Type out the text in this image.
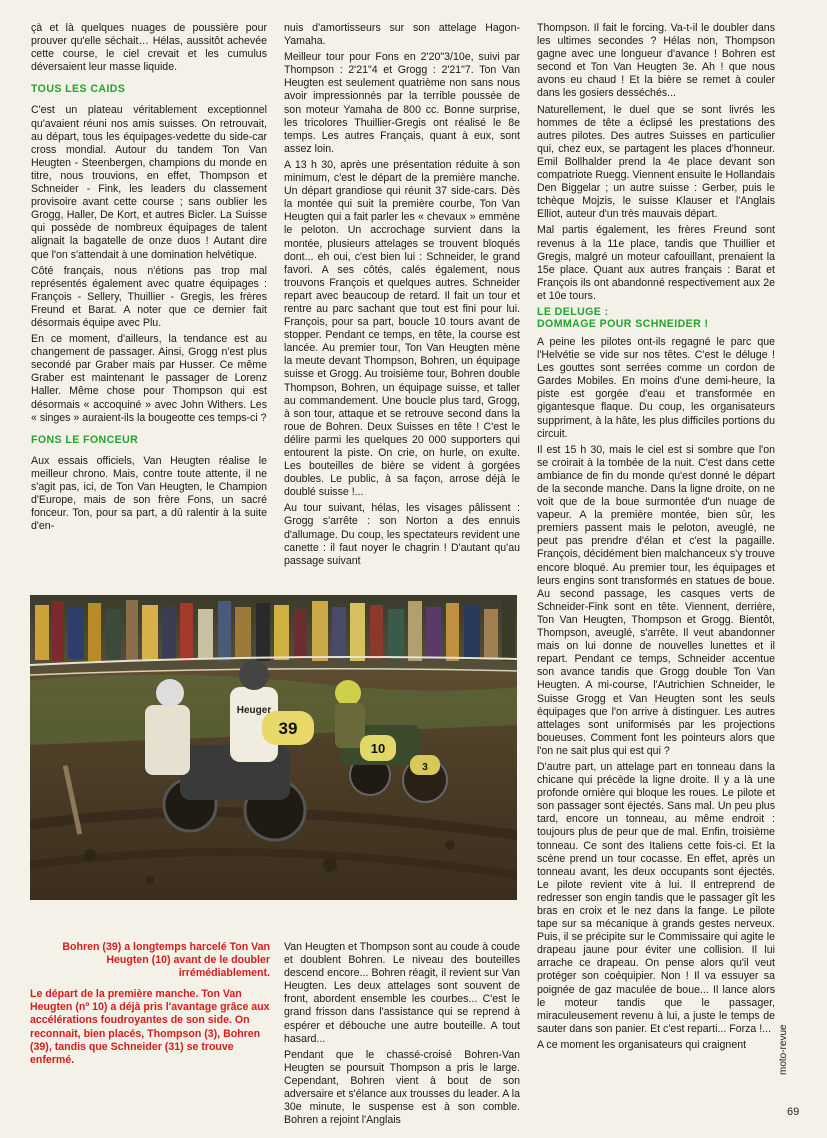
çà et là quelques nuages de poussière pour prouver qu'elle séchait… Hélas, aussitôt achevée cette course, le ciel crevait et les cumulus déversaient leur masse liquide.

TOUS LES CAIDS

C'est un plateau véritablement exceptionnel qu'avaient réuni nos amis suisses. On retrouvait, au départ, tous les équipages-vedette du side-car cross mondial. Autour du tandem Ton Van Heugten - Steenbergen, champions du monde en titre, nous trouvions, en effet, Thompson et Schneider - Fink, les leaders du classement provisoire avant cette course ; sans oublier les Grogg, Haller, De Kort, et autres Bicler. La Suisse qui possède de nombreux équipages de talent alignait la bagatelle de onze duos ! Autant dire que l'on s'attendait à une domination helvétique.

Côté français, nous n'étions pas trop mal représentés également avec quatre équipages : François - Sellery, Thuillier - Gregis, les frères Freund et Barat. A noter que ce dernier fait désormais équipe avec Plu.

En ce moment, d'ailleurs, la tendance est au changement de passager. Ainsi, Grogg n'est plus secondé par Graber mais par Husser. Ce même Graber est maintenant le passager de Lorenz Haller. Même chose pour Thompson qui est désormais « accoquiné » avec John Withers. Les « singes » auraient-ils la bougeotte ces temps-ci ?

FONS LE FONCEUR

Aux essais officiels, Van Heugten réalise le meilleur chrono. Mais, contre toute attente, il ne s'agit pas, ici, de Ton Van Heugten, le Champion d'Europe, mais de son frère Fons, un sacré fonceur. Ton, pour sa part, a dû ralentir à la suite d'en-

nuis d'amortisseurs sur son attelage Hagon-Yamaha.

Meilleur tour pour Fons en 2'20"3/10e, suivi par Thompson : 2'21"4 et Grogg : 2'21"7. Ton Van Heugten est seulement quatrième non sans nous avoir impressionnés par la terrible poussée de son moteur Yamaha de 800 cc. Bonne surprise, les tricolores Thuillier-Gregis ont réalisé le 8e temps. Les autres Français, quant à eux, sont assez loin.

A 13 h 30, après une présentation réduite à son minimum, c'est le départ de la première manche. Un départ grandiose qui réunit 37 side-cars. Dès la montée qui suit la première courbe, Ton Van Heugten qui a fait parler les « chevaux » emmène le peloton. Un accrochage survient dans la montée, plusieurs attelages se trouvent bloqués dont... eh oui, c'est bien lui : Schneider, le grand favori. A ses côtés, calés également, nous trouvons François et quelques autres. Schneider repart avec beaucoup de retard. Il fait un tour et rentre au parc sachant que tout est fini pour lui. François, pour sa part, boucle 10 tours avant de stopper. Pendant ce temps, en tête, la course est lancée. Au premier tour, Ton Van Heugten mène la meute devant Thompson, Bohren, un équipage suisse et Grogg. Au troisième tour, Bohren double Thompson, Bohren, un équipage suisse, et taller au commandement. Une boucle plus tard, Grogg, à son tour, attaque et se retrouve second dans la roue de Bohren. Deux Suisses en tête ! C'est le délire parmi les quelques 20 000 supporters qui entourent la piste. On crie, on hurle, on exulte. Les bouteilles de bière se vident à gorgées doubles. Le public, à sa façon, arrose déjà le doublé suisse !...

Au tour suivant, hélas, les visages pâlissent : Grogg s'arrête : son Norton a des ennuis d'allumage. Du coup, les spectateurs revident une canette : il faut noyer le chagrin ! D'autant qu'au passage suivant

39
Heuger
10
3

Bohren (39) a longtemps harcelé Ton Van Heugten (10) avant de le doubler irrémédiablement.

Le départ de la première manche. Ton Van Heugten (nº 10) a déjà pris l'avantage grâce aux accélérations foudroyantes de son side. On reconnait, bien placés, Thompson (3), Bohren (39), tandis que Schneider (31) se trouve enfermé.

Van Heugten et Thompson sont au coude à coude et doublent Bohren. Le niveau des bouteilles descend encore... Bohren réagit, il revient sur Van Heugten. Les deux attelages sont souvent de front, abordent ensemble les courbes... C'est le grand frisson dans l'assistance qui se reprend à espérer et débouche une autre bouteille. A tout hasard...

Pendant que le chassé-croisé Bohren-Van Heugten se poursuit Thompson a pris le large. Cependant, Bohren vient à bout de son adversaire et s'élance aux trousses du leader. A la 30e minute, le suspense est à son comble. Bohren a rejoint l'Anglais

Thompson. Il fait le forcing. Va-t-il le doubler dans les ultimes secondes ? Hélas non, Thompson gagne avec une longueur d'avance ! Bohren est second et Ton Van Heugten 3e. Ah ! que nous avons eu chaud ! Et la bière se remet à couler dans les gosiers desséchés...

Naturellement, le duel que se sont livrés les hommes de tête a éclipsé les prestations des autres pilotes. Des autres Suisses en particulier qui, chez eux, se partagent les places d'honneur. Emil Bollhalder prend la 4e place devant son compatriote Ruegg. Viennent ensuite le Hollandais Den Biggelar ; un autre suisse : Gerber, puis le tchèque Mojzis, le suisse Klauser et l'Anglais Elliot, auteur d'un très mauvais départ.

Mal partis également, les frères Freund sont revenus à la 11e place, tandis que Thuillier et Gregis, malgré un moteur cafouillant, prenaient la 15e place. Quant aux autres français : Barat et François ils ont abandonné respectivement aux 2e et 10e tours.

LE DELUGE :
DOMMAGE POUR SCHNEIDER !

A peine les pilotes ont-ils regagné le parc que l'Helvétie se vide sur nos têtes. C'est le déluge ! Les gouttes sont serrées comme un cordon de Gardes Mobiles. En moins d'une demi-heure, la piste est gorgée d'eau et transformée en gigantesque flaque. Du coup, les organisateurs suppriment, à la hâte, les plus difficiles portions du circuit.

Il est 15 h 30, mais le ciel est si sombre que l'on se croirait à la tombée de la nuit. C'est dans cette ambiance de fin du monde qu'est donné le départ de la seconde manche. Dans la ligne droite, on ne voit que de la boue surmontée d'un nuage de vapeur. A la première montée, bien sûr, les premiers passent mais le peloton, aveuglé, ne peut pas prendre d'élan et c'est la pagaille. François, décidément bien malchanceux s'y trouve encore bloqué. Au premier tour, les équipages et leurs engins sont transformés en statues de boue. Au second passage, les casques verts de Schneider-Fink sont en tête. Viennent, derrière, Ton Van Heugten, Thompson et Grogg. Bientôt, Thompson, aveuglé, s'arrête. Il veut abandonner mais on lui donne de nouvelles lunettes et il repart. Pendant ce temps, Schneider accentue son avance tandis que Grogg double Ton Van Heugten. A mi-course, l'Autrichien Schneider, le Suisse Grogg et Van Heugten sont les seuls équipages que l'on arrive à distinguer. Les autres attelages sont uniformisés par les projections boueuses. Comment font les pointeurs alors que l'on ne sait plus qui est qui ?

D'autre part, un attelage part en tonneau dans la chicane qui précède la ligne droite. Il y a là une profonde ornière qui bloque les roues. Le pilote et son passager sont éjectés. Sans mal. Un peu plus tard, encore un tonneau, au même endroit : toujours plus de peur que de mal. Enfin, troisième tonneau. Ce sont des Italiens cette fois-ci. Et la scène prend un tour cocasse. En effet, après un tonneau avant, les deux occupants sont éjectés. Le pilote revient vite à lui. Il entreprend de redresser son engin tandis que le passager gît les bras en croix et le nez dans la fange. Le pilote tape sur sa mécanique à grands gestes nerveux. Puis, il se précipite sur le Commissaire qui agite le drapeau jaune pour éviter une collision. Il lui arrache ce drapeau. On pense alors qu'il veut protéger son coéquipier. Non ! Il va essuyer sa poignée de gaz maculée de boue... Il lance alors le moteur tandis que le passager, miraculeusement revenu à lui, a juste le temps de sauter dans son panier. Et c'est reparti... Forza !...

A ce moment les organisateurs qui craignent	moto-revue
69
